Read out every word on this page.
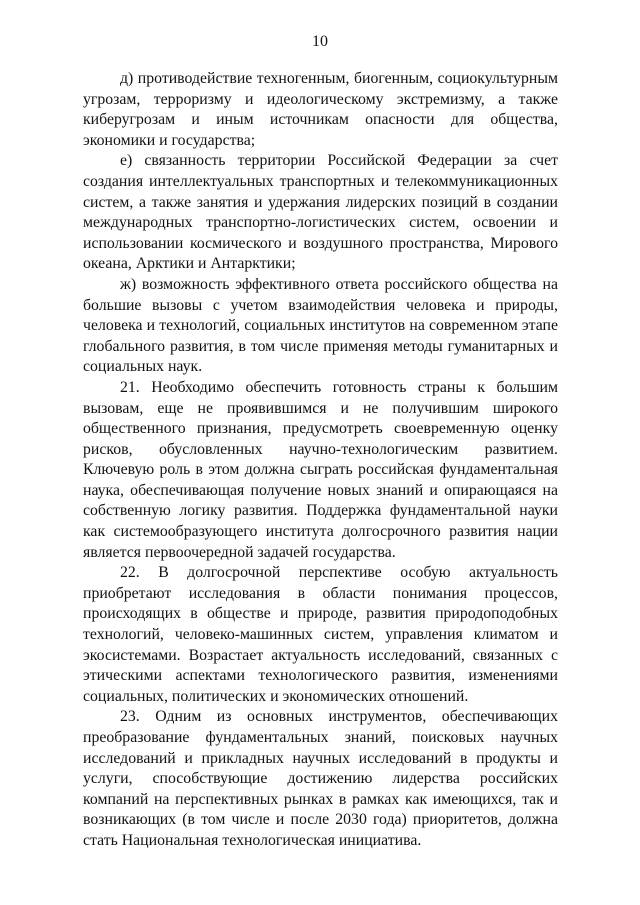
10

д) противодействие техногенным, биогенным, социокультурным угрозам, терроризму и идеологическому экстремизму, а также киберугрозам и иным источникам опасности для общества, экономики и государства;

е) связанность территории Российской Федерации за счет создания интеллектуальных транспортных и телекоммуникационных систем, а также занятия и удержания лидерских позиций в создании международных транспортно-логистических систем, освоении и использовании космического и воздушного пространства, Мирового океана, Арктики и Антарктики;

ж) возможность эффективного ответа российского общества на большие вызовы с учетом взаимодействия человека и природы, человека и технологий, социальных институтов на современном этапе глобального развития, в том числе применяя методы гуманитарных и социальных наук.

21. Необходимо обеспечить готовность страны к большим вызовам, еще не проявившимся и не получившим широкого общественного признания, предусмотреть своевременную оценку рисков, обусловленных научно-технологическим развитием. Ключевую роль в этом должна сыграть российская фундаментальная наука, обеспечивающая получение новых знаний и опирающаяся на собственную логику развития. Поддержка фундаментальной науки как системообразующего института долгосрочного развития нации является первоочередной задачей государства.

22. В долгосрочной перспективе особую актуальность приобретают исследования в области понимания процессов, происходящих в обществе и природе, развития природоподобных технологий, человеко-машинных систем, управления климатом и экосистемами. Возрастает актуальность исследований, связанных с этическими аспектами технологического развития, изменениями социальных, политических и экономических отношений.

23. Одним из основных инструментов, обеспечивающих преобразование фундаментальных знаний, поисковых научных исследований и прикладных научных исследований в продукты и услуги, способствующие достижению лидерства российских компаний на перспективных рынках в рамках как имеющихся, так и возникающих (в том числе и после 2030 года) приоритетов, должна стать Национальная технологическая инициатива.
